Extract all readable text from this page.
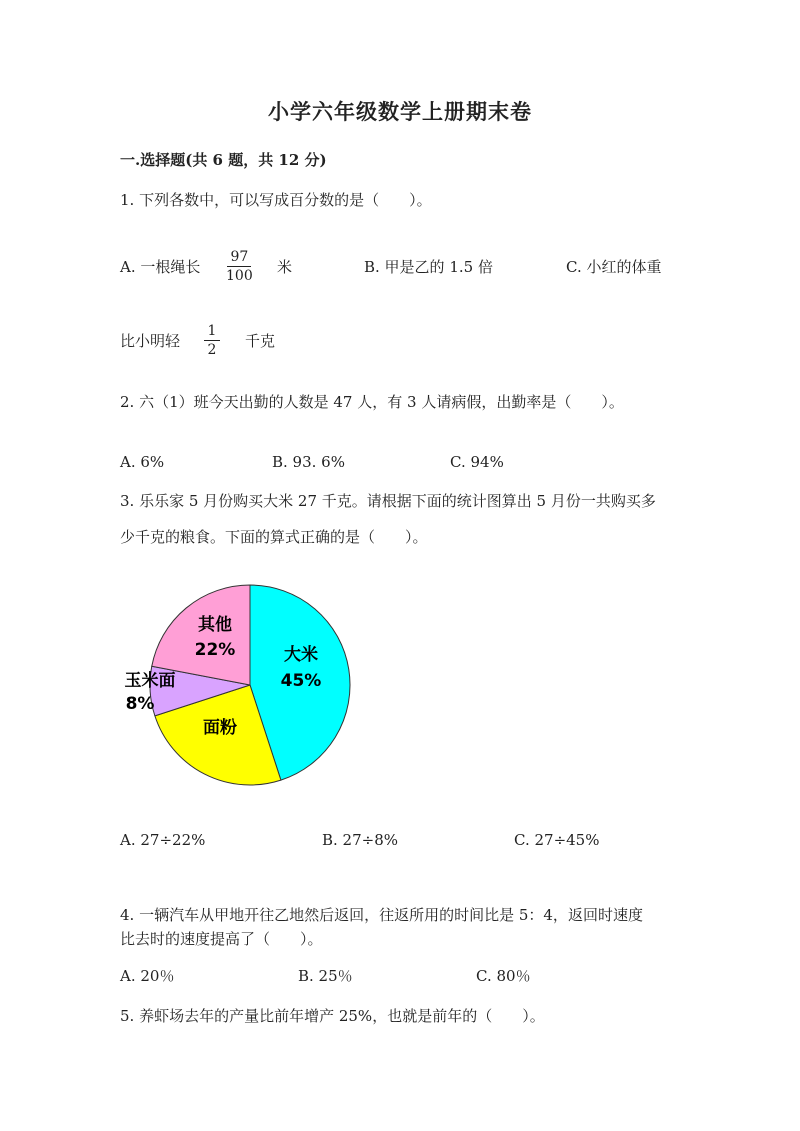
小学六年级数学上册期末卷
一.选择题(共 6 题，共 12 分)
1. 下列各数中，可以写成百分数的是（　　）。
A. 一根绳长
97
100 米	B. 甲是乙的 1.5 倍	C. 小红的体重
比小明轻
1
2 千克
2. 六（1）班今天出勤的人数是 47 人，有 3 人请病假，出勤率是（　　）。
A. 6%	B. 93. 6%	C. 94%
3. 乐乐家 5 月份购买大米 27 千克。请根据下面的统计图算出 5 月份一共购买多
少千克的粮食。下面的算式正确的是（　　）。
大米
45%
面粉
玉米面
8%
其他
22%
A. 27÷22%	B. 27÷8%	C. 27÷45%
4. 一辆汽车从甲地开往乙地然后返回，往返所用的时间比是 5：4，返回时速度
比去时的速度提高了（　　）。
A. 20％	B. 25％	C. 80％
5. 养虾场去年的产量比前年增产 25%，也就是前年的（　　）。
